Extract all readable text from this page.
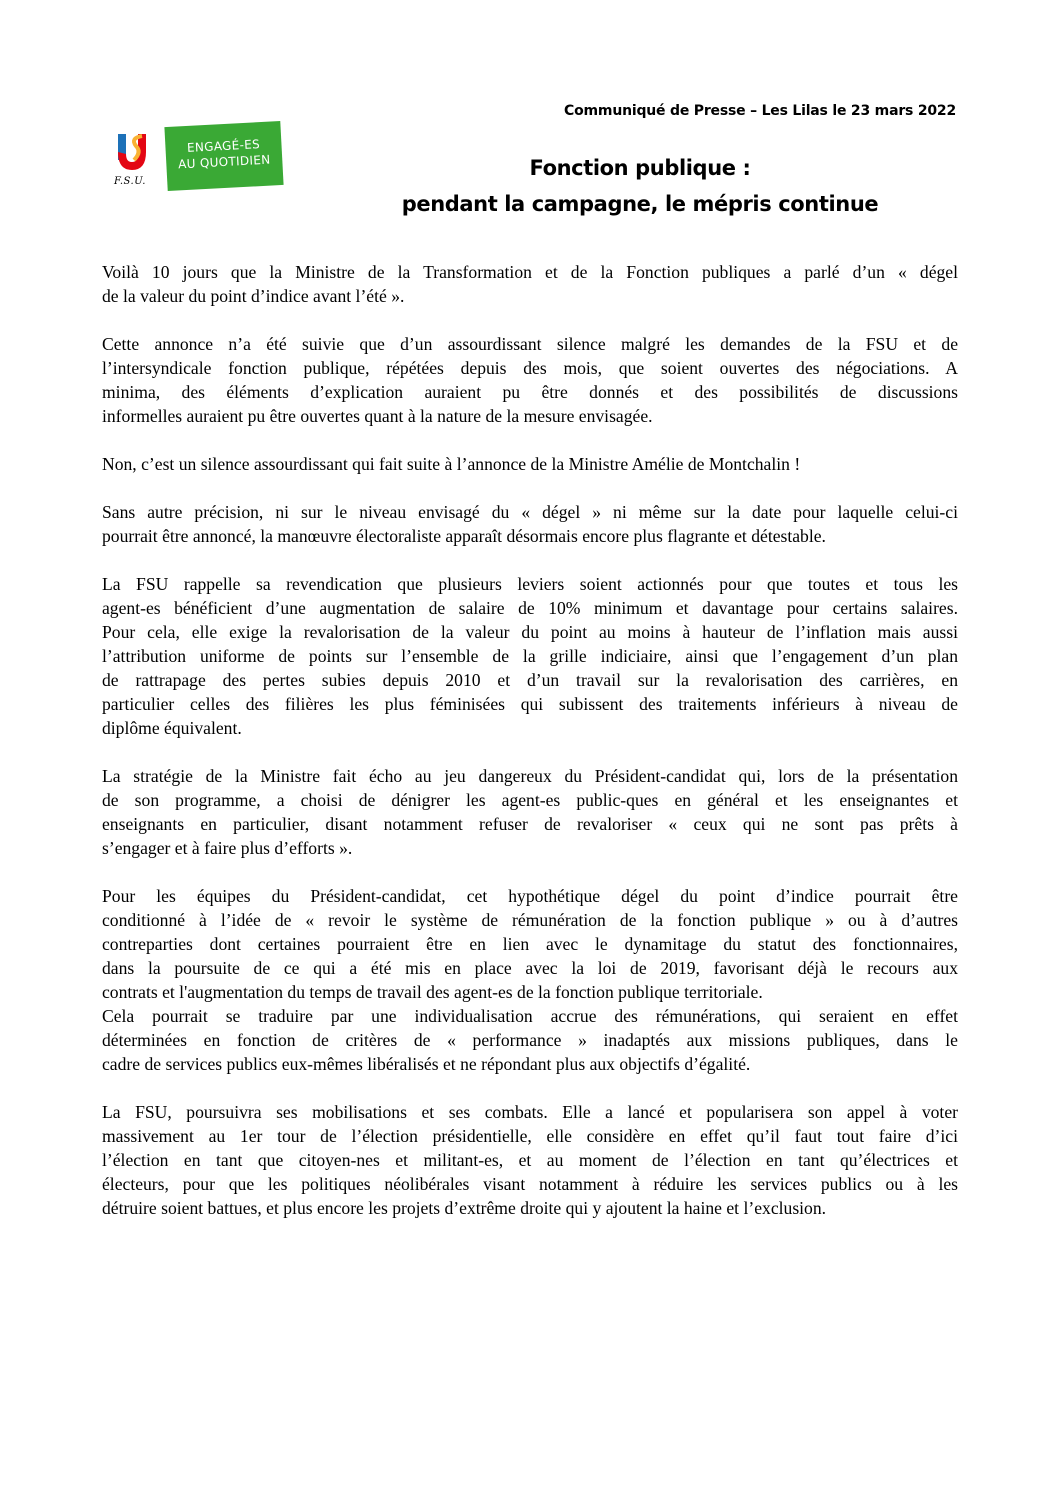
Communiqué de Presse – Les Lilas le 23 mars 2022
F.S.U.
ENGAGÉ-ES
AU QUOTIDIEN	Fonction publique :
pendant la campagne, le mépris continue
Voilà 10 jours que la Ministre de la Transformation et de la Fonction publiques a parlé d’un « dégel
de la valeur du point d’indice avant l’été ».
Cette annonce n’a été suivie que d’un assourdissant silence malgré les demandes de la FSU et de
l’intersyndicale fonction publique, répétées depuis des mois, que soient ouvertes des négociations. A
minima, des éléments d’explication auraient pu être donnés et des possibilités de discussions
informelles auraient pu être ouvertes quant à la nature de la mesure envisagée.
Non, c’est un silence assourdissant qui fait suite à l’annonce de la Ministre Amélie de Montchalin !
Sans autre précision, ni sur le niveau envisagé du « dégel » ni même sur la date pour laquelle celui-ci
pourrait être annoncé, la manœuvre électoraliste apparaît désormais encore plus flagrante et détestable.
La FSU rappelle sa revendication que plusieurs leviers soient actionnés pour que toutes et tous les
agent-es bénéficient d’une augmentation de salaire de 10% minimum et davantage pour certains salaires.
Pour cela, elle exige la revalorisation de la valeur du point au moins à hauteur de l’inflation mais aussi
l’attribution uniforme de points sur l’ensemble de la grille indiciaire, ainsi que l’engagement d’un plan
de rattrapage des pertes subies depuis 2010 et d’un travail sur la revalorisation des carrières, en
particulier celles des filières les plus féminisées qui subissent des traitements inférieurs à niveau de
diplôme équivalent.
La stratégie de la Ministre fait écho au jeu dangereux du Président-candidat qui, lors de la présentation
de son programme, a choisi de dénigrer les agent-es public-ques en général et les enseignantes et
enseignants en particulier, disant notamment refuser de revaloriser « ceux qui ne sont pas prêts à
s’engager et à faire plus d’efforts ».
Pour les équipes du Président-candidat, cet hypothétique dégel du point d’indice pourrait être
conditionné à l’idée de « revoir le système de rémunération de la fonction publique » ou à d’autres
contreparties dont certaines pourraient être en lien avec le dynamitage du statut des fonctionnaires,
dans la poursuite de ce qui a été mis en place avec la loi de 2019, favorisant déjà le recours aux
contrats et l'augmentation du temps de travail des agent-es de la fonction publique territoriale.
Cela pourrait se traduire par une individualisation accrue des rémunérations, qui seraient en effet
déterminées en fonction de critères de « performance » inadaptés aux missions publiques, dans le
cadre de services publics eux-mêmes libéralisés et ne répondant plus aux objectifs d’égalité.
La FSU, poursuivra ses mobilisations et ses combats. Elle a lancé et popularisera son appel à voter
massivement au 1er tour de l’élection présidentielle, elle considère en effet qu’il faut tout faire d’ici
l’élection en tant que citoyen-nes et militant-es, et au moment de l’élection en tant qu’électrices et
électeurs, pour que les politiques néolibérales visant notamment à réduire les services publics ou à les
détruire soient battues, et plus encore les projets d’extrême droite qui y ajoutent la haine et l’exclusion.
